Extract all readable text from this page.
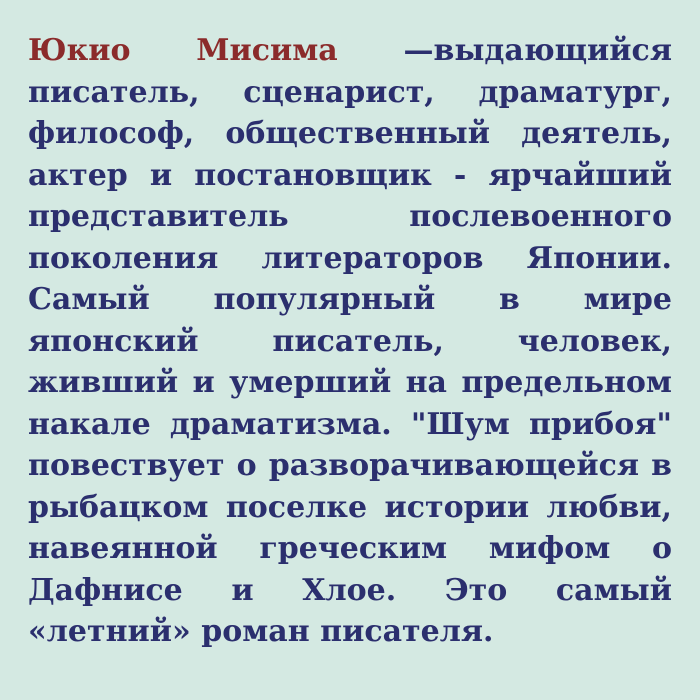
Юкио Мисима —выдающийся писатель, сценарист, драматург, философ, общественный деятель, актер и постановщик - ярчайший представитель послевоенного поколения литераторов Японии. Самый популярный в мире японский писатель, человек, живший и умерший на предельном накале драматизма. "Шум прибоя" повествует о разворачивающейся в рыбацком поселке истории любви, навеянной греческим мифом о Дафнисе и Хлое. Это самый «летний» роман писателя.
